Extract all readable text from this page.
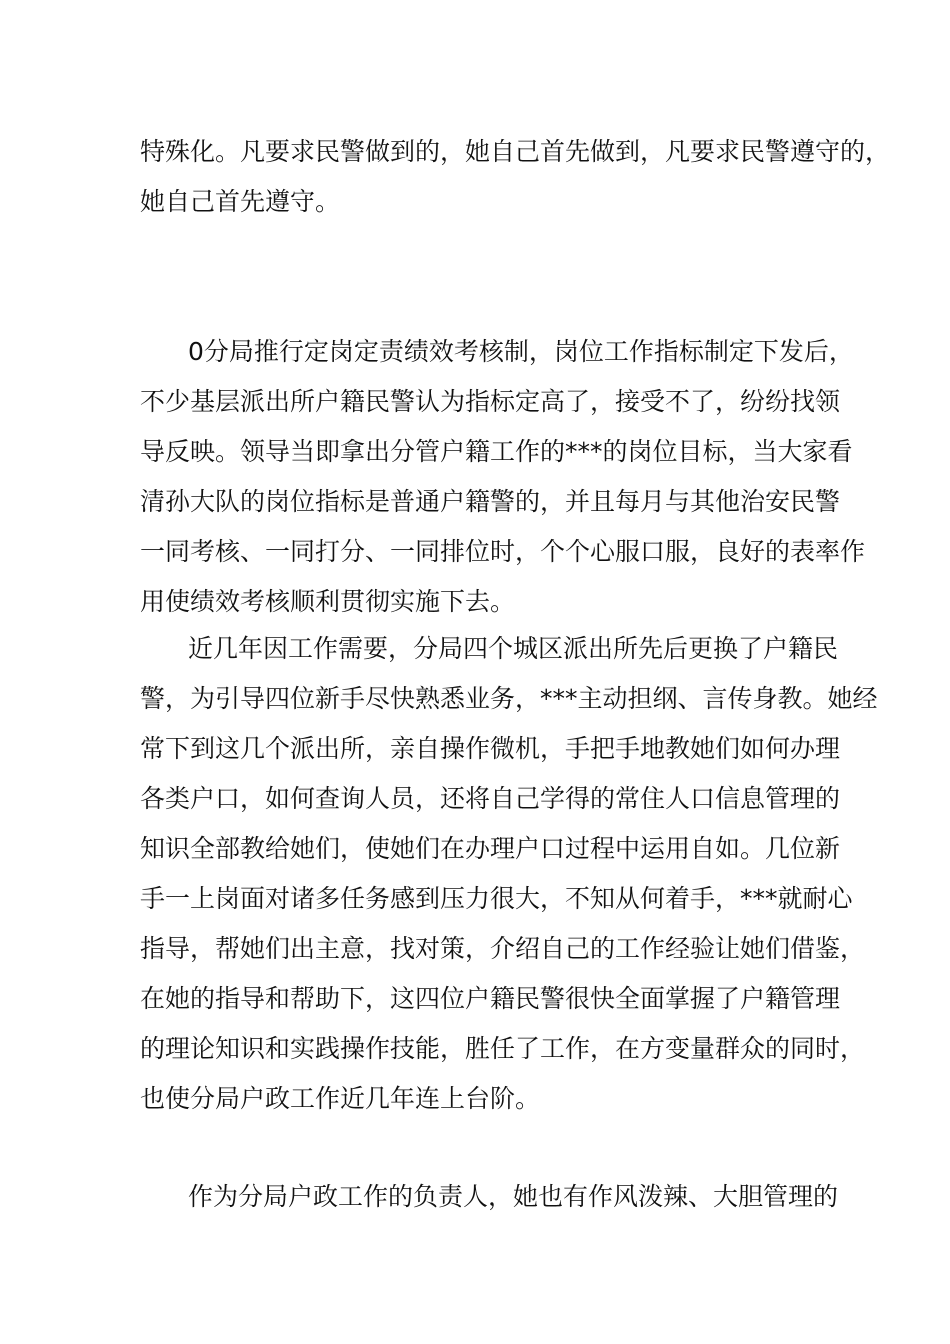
特殊化。凡要求民警做到的，她自己首先做到，凡要求民警遵守的，
她自己首先遵守。
0分局推行定岗定责绩效考核制，岗位工作指标制定下发后，
不少基层派出所户籍民警认为指标定高了，接受不了，纷纷找领
导反映。领导当即拿出分管户籍工作的***的岗位目标，当大家看
清孙大队的岗位指标是普通户籍警的，并且每月与其他治安民警
一同考核、一同打分、一同排位时，个个心服口服，良好的表率作
用使绩效考核顺利贯彻实施下去。
近几年因工作需要，分局四个城区派出所先后更换了户籍民
警，为引导四位新手尽快熟悉业务，***主动担纲、言传身教。她经
常下到这几个派出所，亲自操作微机，手把手地教她们如何办理
各类户口，如何查询人员，还将自己学得的常住人口信息管理的
知识全部教给她们，使她们在办理户口过程中运用自如。几位新
手一上岗面对诸多任务感到压力很大，不知从何着手，***就耐心
指导，帮她们出主意，找对策，介绍自己的工作经验让她们借鉴，
在她的指导和帮助下，这四位户籍民警很快全面掌握了户籍管理
的理论知识和实践操作技能，胜任了工作，在方变量群众的同时，
也使分局户政工作近几年连上台阶。
作为分局户政工作的负责人，她也有作风泼辣、大胆管理的
